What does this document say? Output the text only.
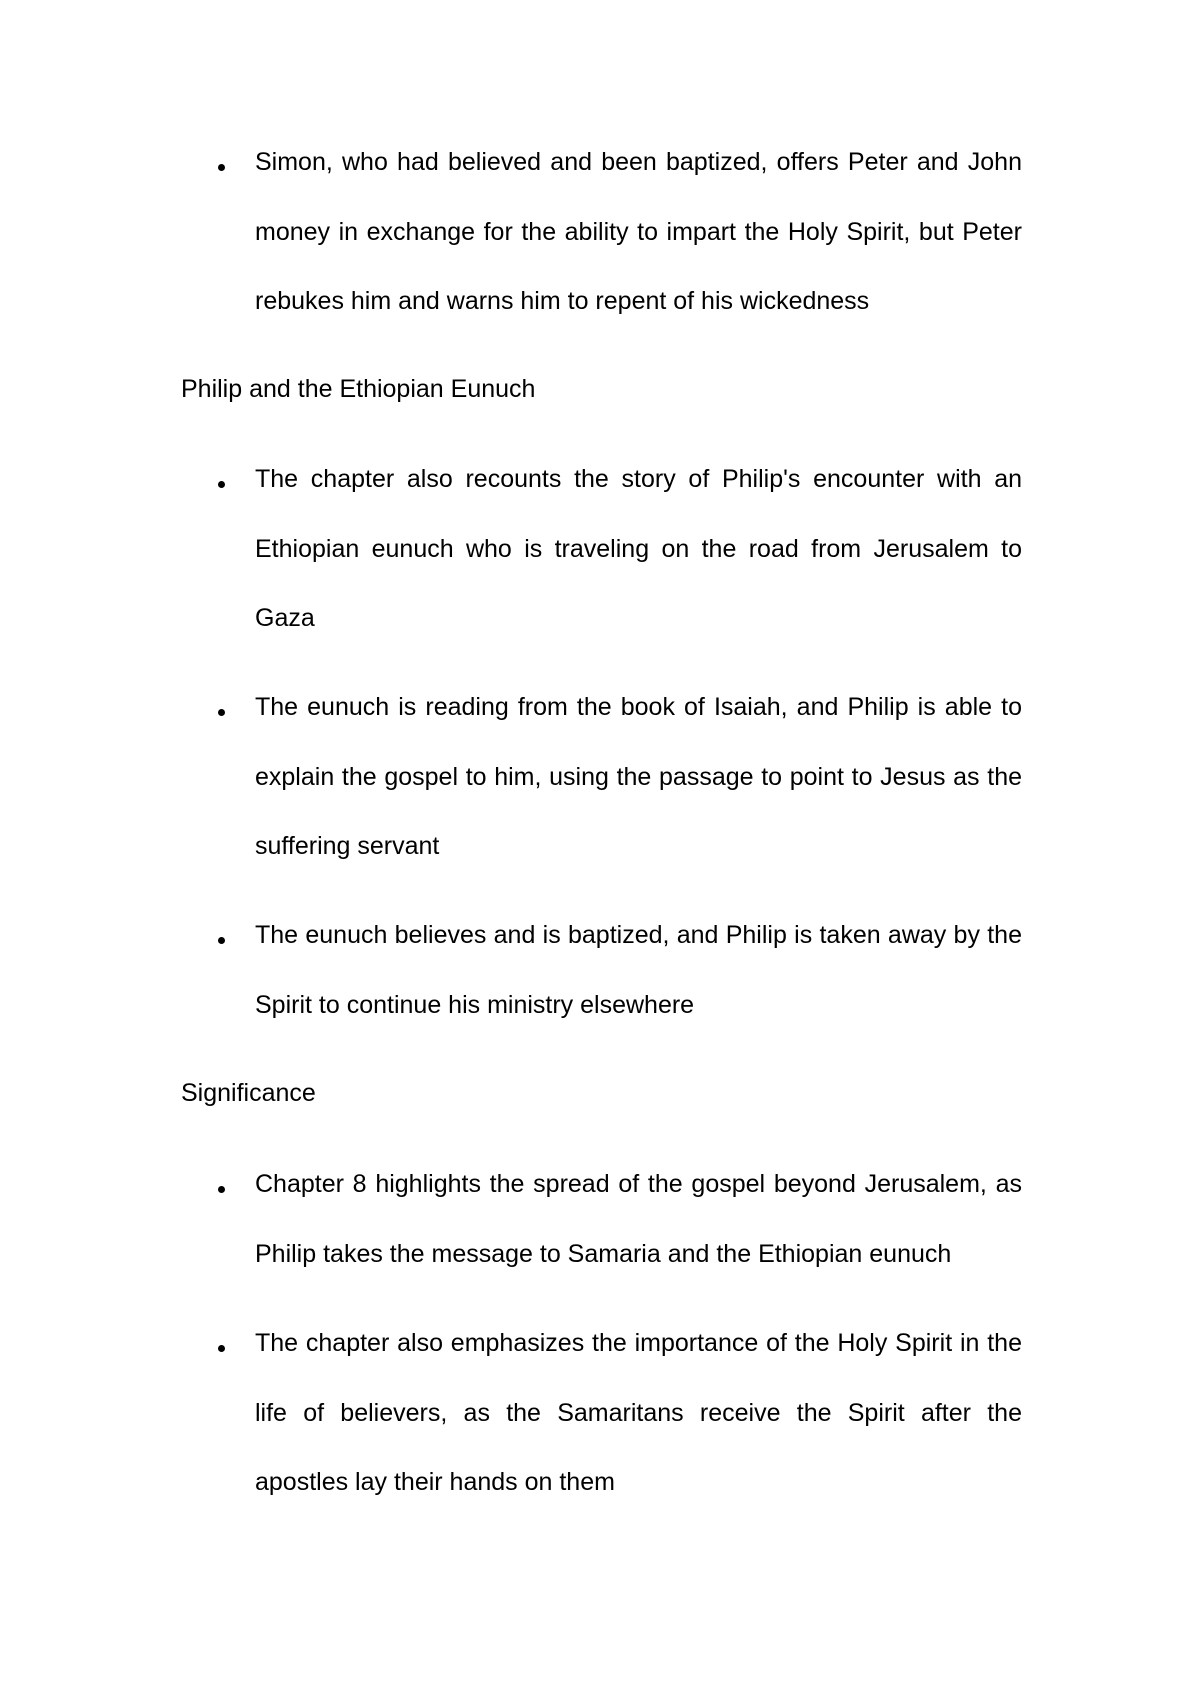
Simon, who had believed and been baptized, offers Peter and John money in exchange for the ability to impart the Holy Spirit, but Peter rebukes him and warns him to repent of his wickedness

Philip and the Ethiopian Eunuch

The chapter also recounts the story of Philip's encounter with an Ethiopian eunuch who is traveling on the road from Jerusalem to Gaza

The eunuch is reading from the book of Isaiah, and Philip is able to explain the gospel to him, using the passage to point to Jesus as the suffering servant

The eunuch believes and is baptized, and Philip is taken away by the Spirit to continue his ministry elsewhere

Significance

Chapter 8 highlights the spread of the gospel beyond Jerusalem, as Philip takes the message to Samaria and the Ethiopian eunuch

The chapter also emphasizes the importance of the Holy Spirit in the life of believers, as the Samaritans receive the Spirit after the apostles lay their hands on them
